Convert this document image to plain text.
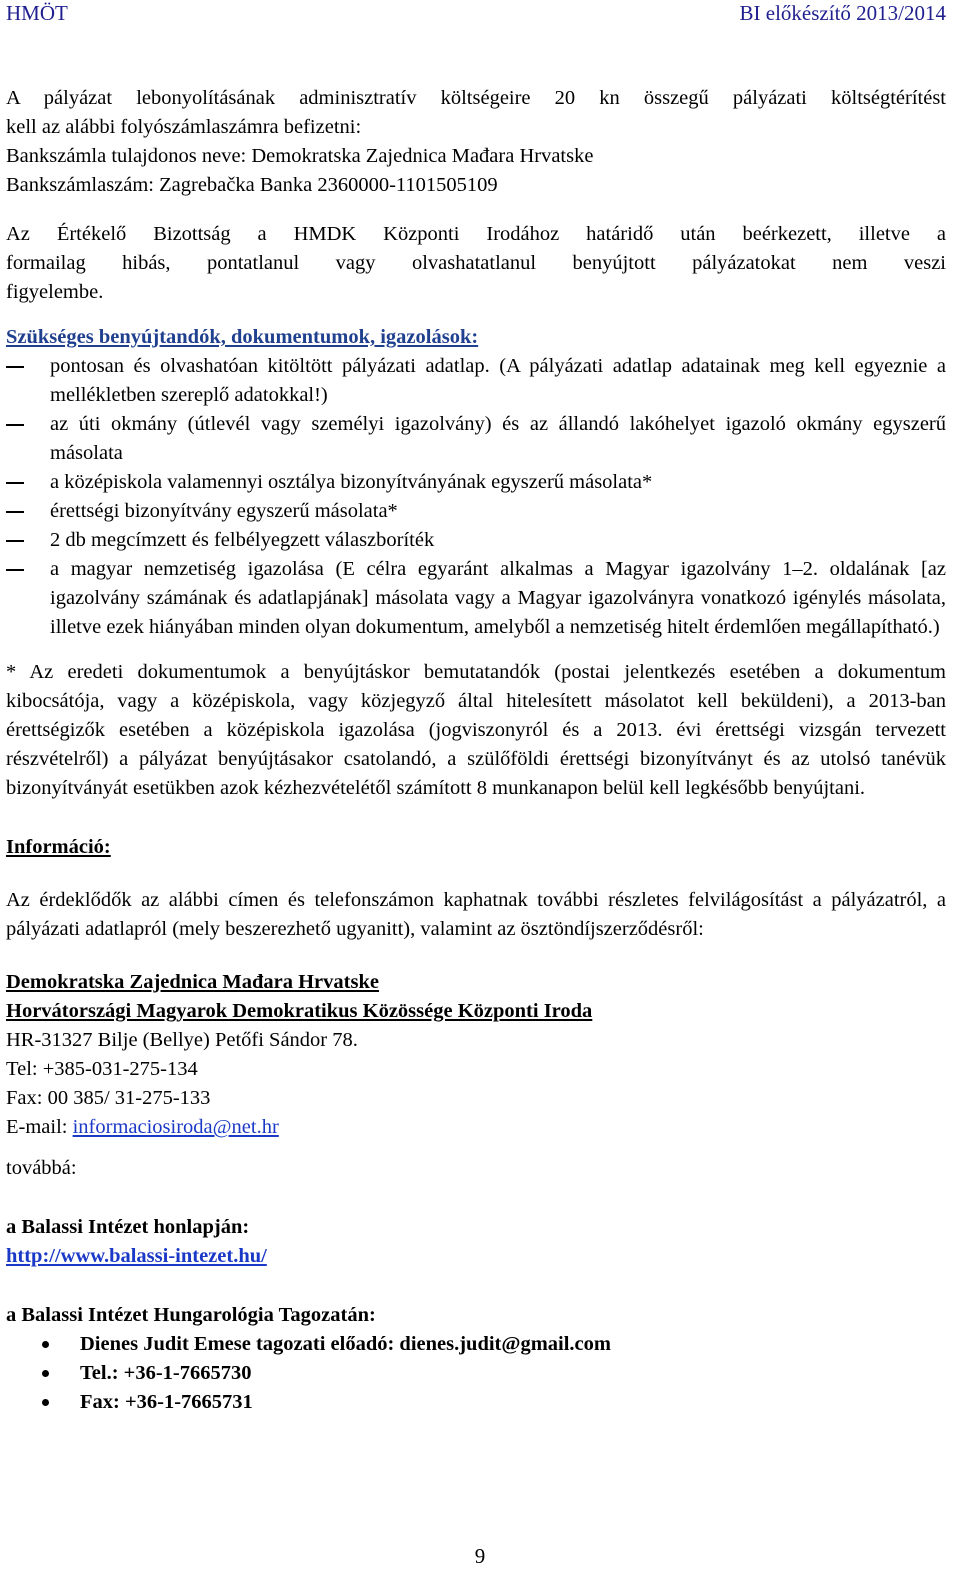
HMÖT	BI előkészítő 2013/2014
A pályázat lebonyolításának adminisztratív költségeire 20 kn összegű pályázati költségtérítést
kell az alábbi folyószámlaszámra befizetni:
Bankszámla tulajdonos neve: Demokratska Zajednica Mađara Hrvatske
Bankszámlaszám: Zagrebačka Banka 2360000-1101505109
Az Értékelő Bizottság a HMDK Központi Irodához határidő után beérkezett, illetve a
formailag hibás, pontatlanul vagy olvashatatlanul benyújtott pályázatokat nem veszi
figyelembe.

Szükséges benyújtandók, dokumentumok, igazolások:

pontosan és olvashatóan kitöltött pályázati adatlap. (A pályázati adatlap adatainak meg kell egyeznie a mellékletben szereplő adatokkal!)
az úti okmány (útlevél vagy személyi igazolvány) és az állandó lakóhelyet igazoló okmány egyszerű másolata
a középiskola valamennyi osztálya bizonyítványának egyszerű másolata*
érettségi bizonyítvány egyszerű másolata*
2 db megcímzett és felbélyegzett válaszboríték
a magyar nemzetiség igazolása (E célra egyaránt alkalmas a Magyar igazolvány 1–2. oldalának [az igazolvány számának és adatlapjának] másolata vagy a Magyar igazolványra vonatkozó igénylés másolata, illetve ezek hiányában minden olyan dokumentum, amelyből a nemzetiség hitelt érdemlően megállapítható.)

* Az eredeti dokumentumok a benyújtáskor bemutatandók (postai jelentkezés esetében a dokumentum kibocsátója, vagy a középiskola, vagy közjegyző által hitelesített másolatot kell beküldeni), a 2013-ban érettségizők esetében a középiskola igazolása (jogviszonyról és a 2013. évi érettségi vizsgán tervezett részvételről) a pályázat benyújtásakor csatolandó, a szülőföldi érettségi bizonyítványt és az utolsó tanévük bizonyítványát esetükben azok kézhezvételétől számított 8 munkanapon belül kell legkésőbb benyújtani.

Információ:

Az érdeklődők az alábbi címen és telefonszámon kaphatnak további részletes felvilágosítást a pályázatról, a pályázati adatlapról (mely beszerezhető ugyanitt), valamint az ösztöndíjszerződésről:

Demokratska Zajednica Mađara Hrvatske

Horvátországi Magyarok Demokratikus Közössége Központi Iroda

HR-31327 Bilje (Bellye) Petőfi Sándor 78.

Tel: +385-031-275-134

Fax: 00 385/ 31-275-133

E-mail: informaciosiroda@net.hr

továbbá:

a Balassi Intézet honlapján:

http://www.balassi-intezet.hu/

a Balassi Intézet Hungarológia Tagozatán:

Dienes Judit Emese tagozati előadó: dienes.judit@gmail.com
Tel.: +36-1-7665730
Fax: +36-1-7665731
9
